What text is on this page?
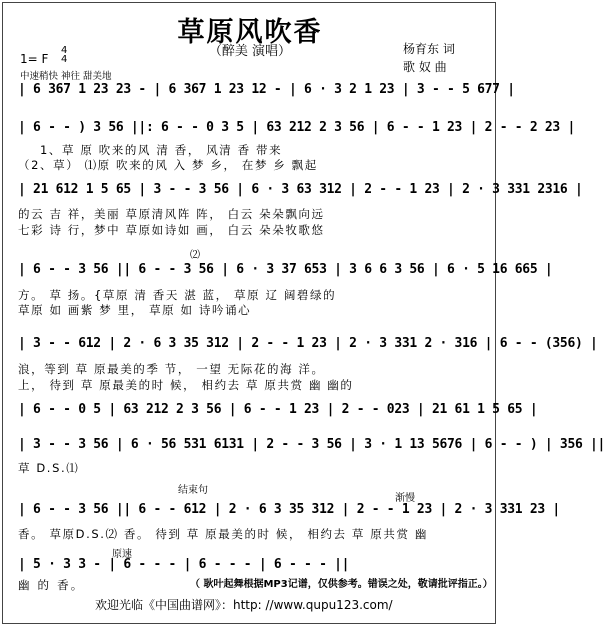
草原风吹香
（醉美 演唱）	杨育东 词
歌 奴 曲
1= F
4
4
中速稍快 神往 甜美地
| 6 367 1 23 23 - | 6 367 1 23 12 - | 6 · 3 2 1 23 | 3 - - 5 677 |
| 6 - - ) 3 56 ||: 6 - - 0 3 5 | 63 212 2 3 56 | 6 - - 1 23 | 2 - - 2 23 |
1、草 原 吹来的风 清 香， 风清 香 带来
（2、草） ⑴原 吹来的风 入 梦 乡， 在梦 乡 飘起
| 21 612 1 5 65 | 3 - - 3 56 | 6 · 3 63 312 | 2 - - 1 23 | 2 · 3 331 2316 |
的云 吉 祥，美丽 草原清风阵 阵， 白云 朵朵飘向远
七彩 诗 行，梦中 草原如诗如 画， 白云 朵朵牧歌悠
⑵
| 6 - - 3 56 || 6 - - 3 56 | 6 · 3 37 653 | 3 6 6 3 56 | 6 · 5 16 665 |
方。 草 扬。{草原 清 香天 湛 蓝， 草原 辽 阔碧绿的
草原 如 画紫 梦 里， 草原 如 诗吟诵心
| 3 - - 612 | 2 · 6 3 35 312 | 2 - - 1 23 | 2 · 3 331 2 · 316 | 6 - - (356) |
浪，等到 草 原最美的季 节， 一望 无际花的海 洋。
上， 待到 草 原最美的时 候， 相约去 草 原共赏 幽 幽的
| 6 - - 0 5 | 63 212 2 3 56 | 6 - - 1 23 | 2 - - 023 | 21 61 1 5 65 |
| 3 - - 3 56 | 6 · 56 531 6131 | 2 - - 3 56 | 3 · 1 13 5676 | 6 - - ) | 356 ||
草 D.S.⑴
结束句
渐慢
| 6 - - 3 56 || 6 - - 612 | 2 · 6 3 35 312 | 2 - - 1 23 | 2 · 3 331 23 |
香。 草原D.S.⑵ 香。 待到 草 原最美的时 候， 相约去 草 原共赏 幽
原速
| 5 · 3 3 - | 6 - - - | 6 - - - | 6 - - - ||
幽 的 香。	（ 耿叶起舞根据MP3记谱，仅供参考。错误之处，敬请批评指正。）
欢迎光临《中国曲谱网》：http: //www.qupu123.com/
